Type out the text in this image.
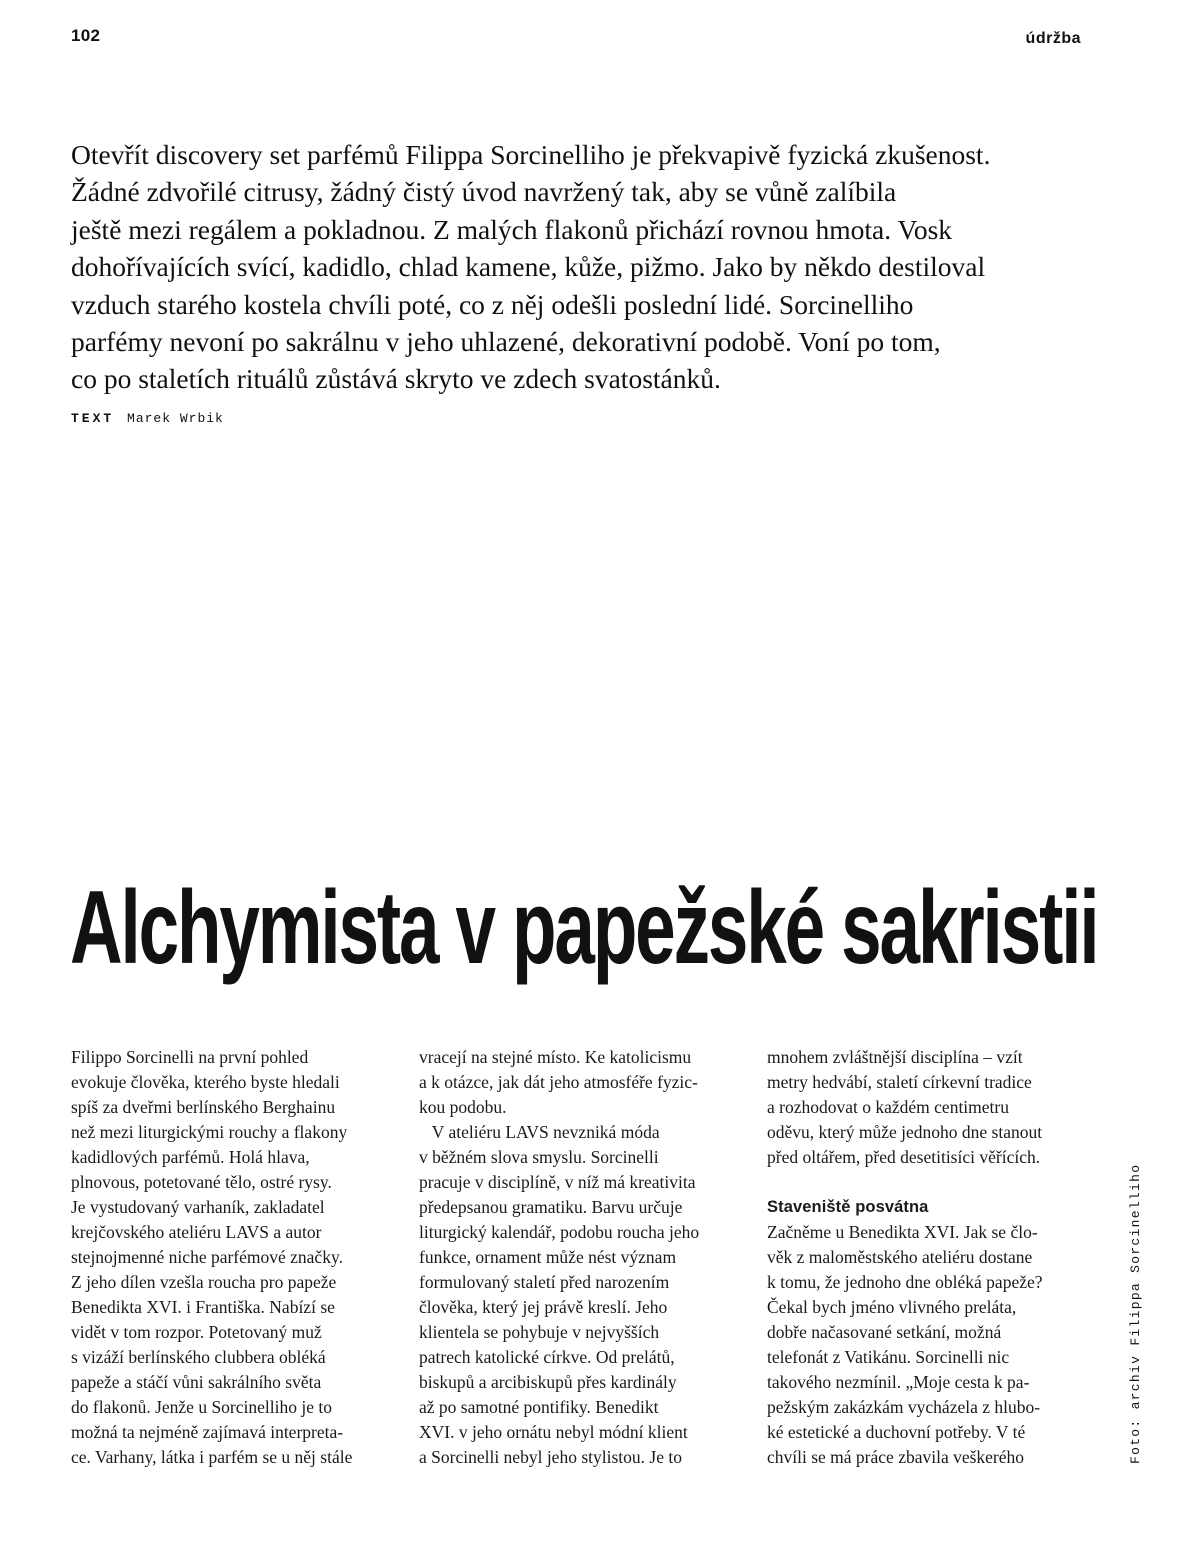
102	údržba

Otevřít discovery set parfémů Filippa Sorcinelliho je překvapivě fyzická zkušenost.
Žádné zdvořilé citrusy, žádný čistý úvod navržený tak, aby se vůně zalíbila
ještě mezi regálem a pokladnou. Z malých flakonů přichází rovnou hmota. Vosk
dohořívajících svící, kadidlo, chlad kamene, kůže, pižmo. Jako by někdo destiloval
vzduch starého kostela chvíli poté, co z něj odešli poslední lidé. Sorcinelliho
parfémy nevoní po sakrálnu v jeho uhlazené, dekorativní podobě. Voní po tom,
co po staletích rituálů zůstává skryto ve zdech svatostánků.

TEXT Marek Wrbik
Alchymista v papežské sakristii
Filippo Sorcinelli na první pohled
evokuje člověka, kterého byste hledali
spíš za dveřmi berlínského Berghainu
než mezi liturgickými rouchy a flakony
kadidlových parfémů. Holá hlava,
plnovous, potetované tělo, ostré rysy.
Je vystudovaný varhaník, zakladatel
krejčovského ateliéru LAVS a autor
stejnojmenné niche parfémové značky.
Z jeho dílen vzešla roucha pro papeže
Benedikta XVI. i Františka. Nabízí se
vidět v tom rozpor. Potetovaný muž
s vizáží berlínského clubbera obléká
papeže a stáčí vůni sakrálního světa
do flakonů. Jenže u Sorcinelliho je to
možná ta nejméně zajímavá interpreta-
ce. Varhany, látka i parfém se u něj stále
vracejí na stejné místo. Ke katolicismu
a k otázce, jak dát jeho atmosféře fyzic-
kou podobu.
V ateliéru LAVS nevzniká móda
v běžném slova smyslu. Sorcinelli
pracuje v disciplíně, v níž má kreativita
předepsanou gramatiku. Barvu určuje
liturgický kalendář, podobu roucha jeho
funkce, ornament může nést význam
formulovaný staletí před narozením
člověka, který jej právě kreslí. Jeho
klientela se pohybuje v nejvyšších
patrech katolické církve. Od prelátů,
biskupů a arcibiskupů přes kardinály
až po samotné pontifiky. Benedikt
XVI. v jeho ornátu nebyl módní klient
a Sorcinelli nebyl jeho stylistou. Je to
mnohem zvláštnější disciplína – vzít
metry hedvábí, staletí církevní tradice
a rozhodovat o každém centimetru
oděvu, který může jednoho dne stanout
před oltářem, před desetitisíci věřících.
Staveniště posvátna
Začněme u Benedikta XVI. Jak se člo-
věk z maloměstského ateliéru dostane
k tomu, že jednoho dne obléká papeže?
Čekal bych jméno vlivného preláta,
dobře načasované setkání, možná
telefonát z Vatikánu. Sorcinelli nic
takového nezmínil. „Moje cesta k pa-
pežským zakázkám vycházela z hlubo-
ké estetické a duchovní potřeby. V té
chvíli se má práce zbavila veškerého	Foto: archiv Filippa Sorcinelliho
